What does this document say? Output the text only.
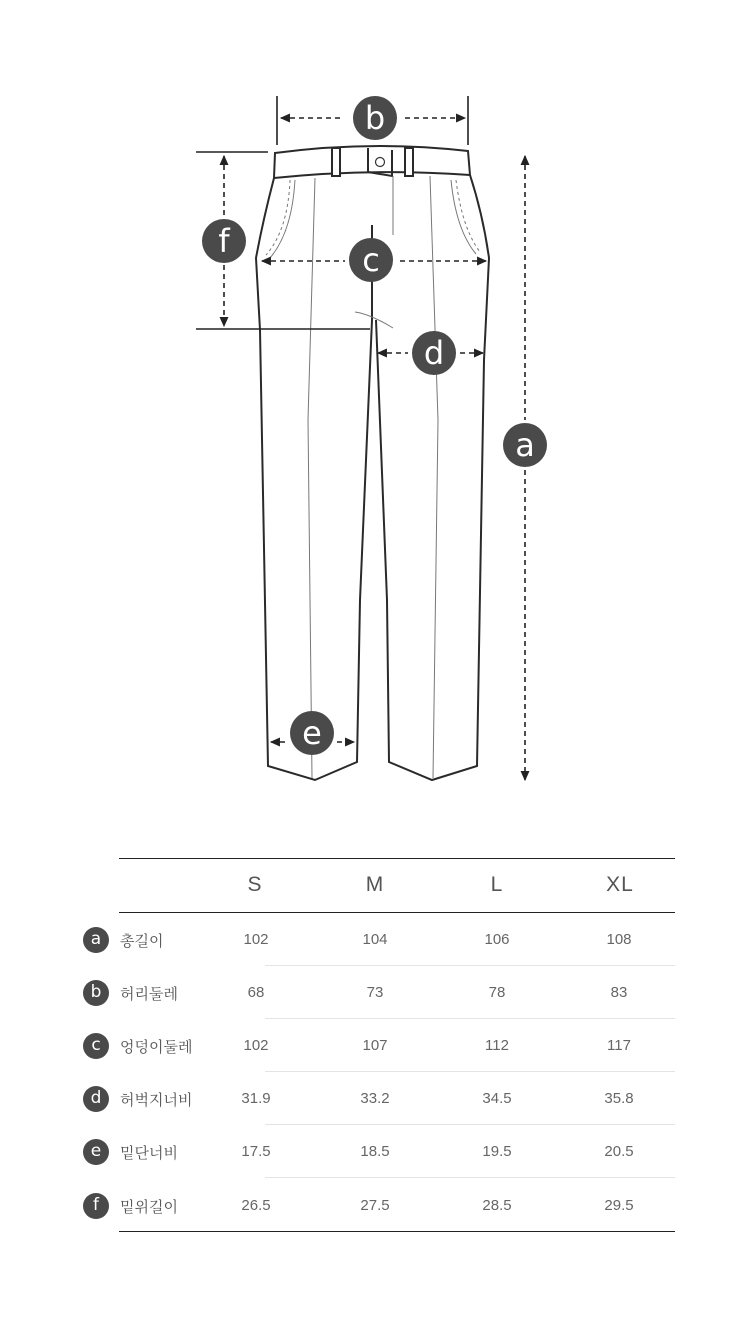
b
f	c
d
a
e
S	M	L	XL
a	총길이	102	104	106	108
b	허리둘레	68	73	78	83
c	엉덩이둘레	102	107	112	117
d	허벅지너비	31.9	33.2	34.5	35.8
e	밑단너비	17.5	18.5	19.5	20.5
f	밑위길이	26.5	27.5	28.5	29.5
